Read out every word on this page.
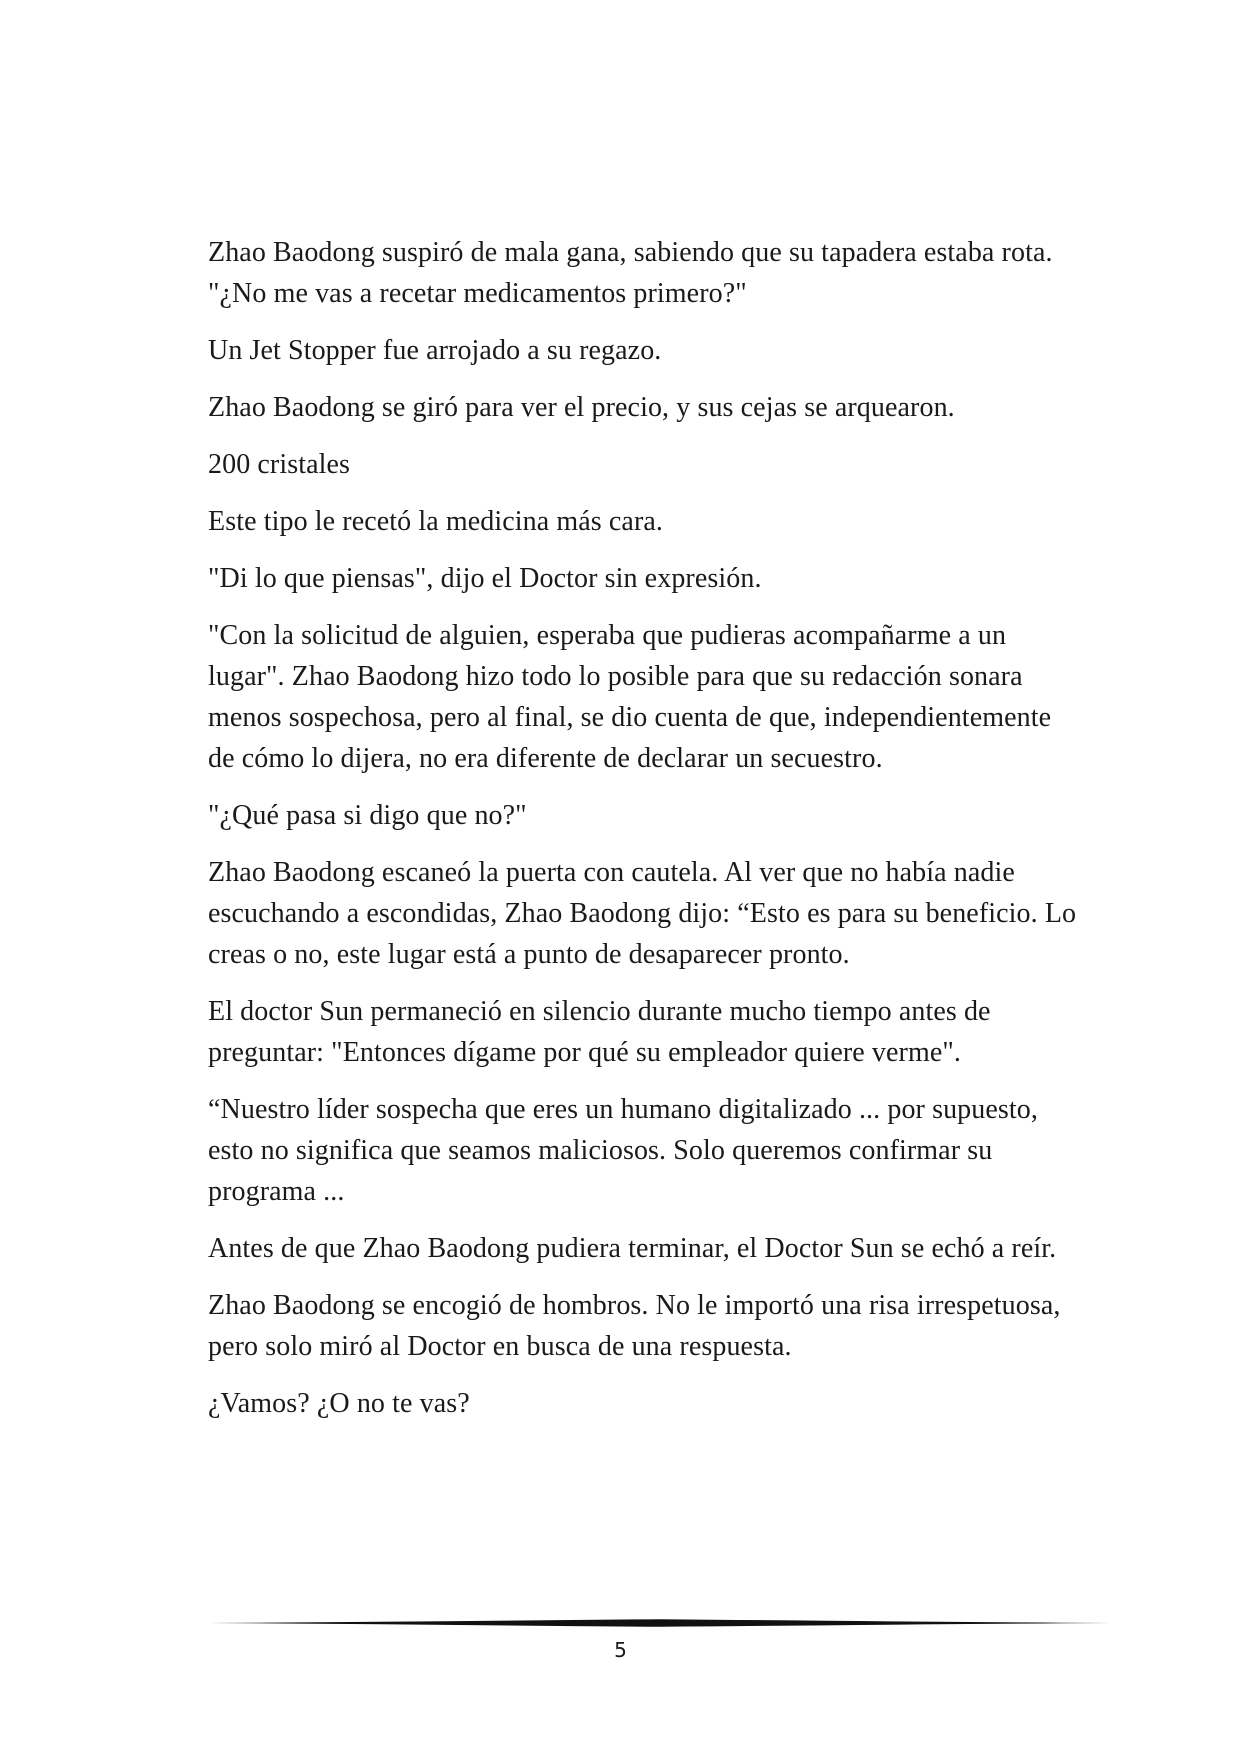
Zhao Baodong suspiró de mala gana, sabiendo que su tapadera estaba rota. "¿No me vas a recetar medicamentos primero?"

Un Jet Stopper fue arrojado a su regazo.

Zhao Baodong se giró para ver el precio, y sus cejas se arquearon.

200 cristales

Este tipo le recetó la medicina más cara.

"Di lo que piensas", dijo el Doctor sin expresión.

"Con la solicitud de alguien, esperaba que pudieras acompañarme a un lugar". Zhao Baodong hizo todo lo posible para que su redacción sonara menos sospechosa, pero al final, se dio cuenta de que, independientemente de cómo lo dijera, no era diferente de declarar un secuestro.

"¿Qué pasa si digo que no?"

Zhao Baodong escaneó la puerta con cautela. Al ver que no había nadie escuchando a escondidas, Zhao Baodong dijo: “Esto es para su beneficio. Lo creas o no, este lugar está a punto de desaparecer pronto.

El doctor Sun permaneció en silencio durante mucho tiempo antes de preguntar: "Entonces dígame por qué su empleador quiere verme".

“Nuestro líder sospecha que eres un humano digitalizado ... por supuesto, esto no significa que seamos maliciosos. Solo queremos confirmar su programa ...

Antes de que Zhao Baodong pudiera terminar, el Doctor Sun se echó a reír.

Zhao Baodong se encogió de hombros. No le importó una risa irrespetuosa, pero solo miró al Doctor en busca de una respuesta.

¿Vamos? ¿O no te vas?

5
